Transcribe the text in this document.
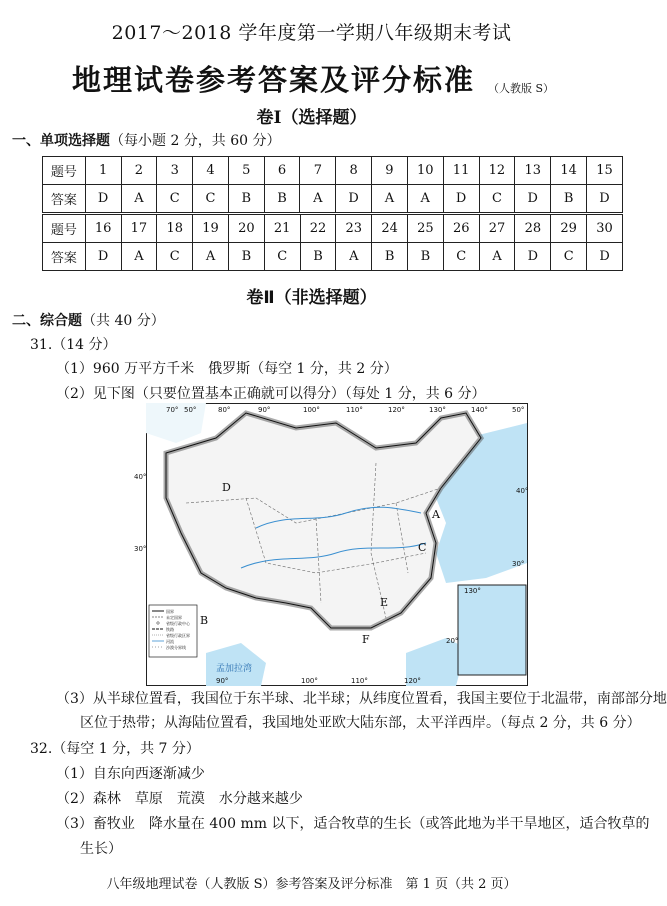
2017～2018 学年度第一学期八年级期末考试
地理试卷参考答案及评分标准 （人教版 S）
卷Ⅰ（选择题）
一、单项选择题（每小题 2 分，共 60 分）
题号	1	2	3	4	5	6	7	8	9	10	11	12	13	14	15
答案	D	A	C	C	B	B	A	D	A	A	D	C	D	B	D
题号	16	17	18	19	20	21	22	23	24	25	26	27	28	29	30
答案	D	A	C	A	B	C	B	A	B	B	C	A	D	C	D
卷Ⅱ（非选择题）
二、综合题（共 40 分）
31.（14 分）
（1）960 万平方千米　俄罗斯（每空 1 分，共 2 分）
（2）见下图（只要位置基本正确就可以得分）（每处 1 分，共 6 分）
70° 50°	80°	90°	100°	110°	120°	130°	140°	50°
90°	100°	110°	120°
40°
30°
40°
30°
20°
130°
国界
未定国界
省级行政中心
铁路
省级行政区界
河流
沙漠分界线
孟加拉湾
D
A
C
E
B
F
（3）从半球位置看，我国位于东半球、北半球；从纬度位置看，我国主要位于北温带，南部部分地
区位于热带；从海陆位置看，我国地处亚欧大陆东部，太平洋西岸。（每点 2 分，共 6 分）
32.（每空 1 分，共 7 分）
（1）自东向西逐渐减少
（2）森林　草原　荒漠　水分越来越少
（3）畜牧业　降水量在 400 mm 以下，适合牧草的生长（或答此地为半干旱地区，适合牧草的
生长）
八年级地理试卷（人教版 S）参考答案及评分标准　第 1 页（共 2 页）
